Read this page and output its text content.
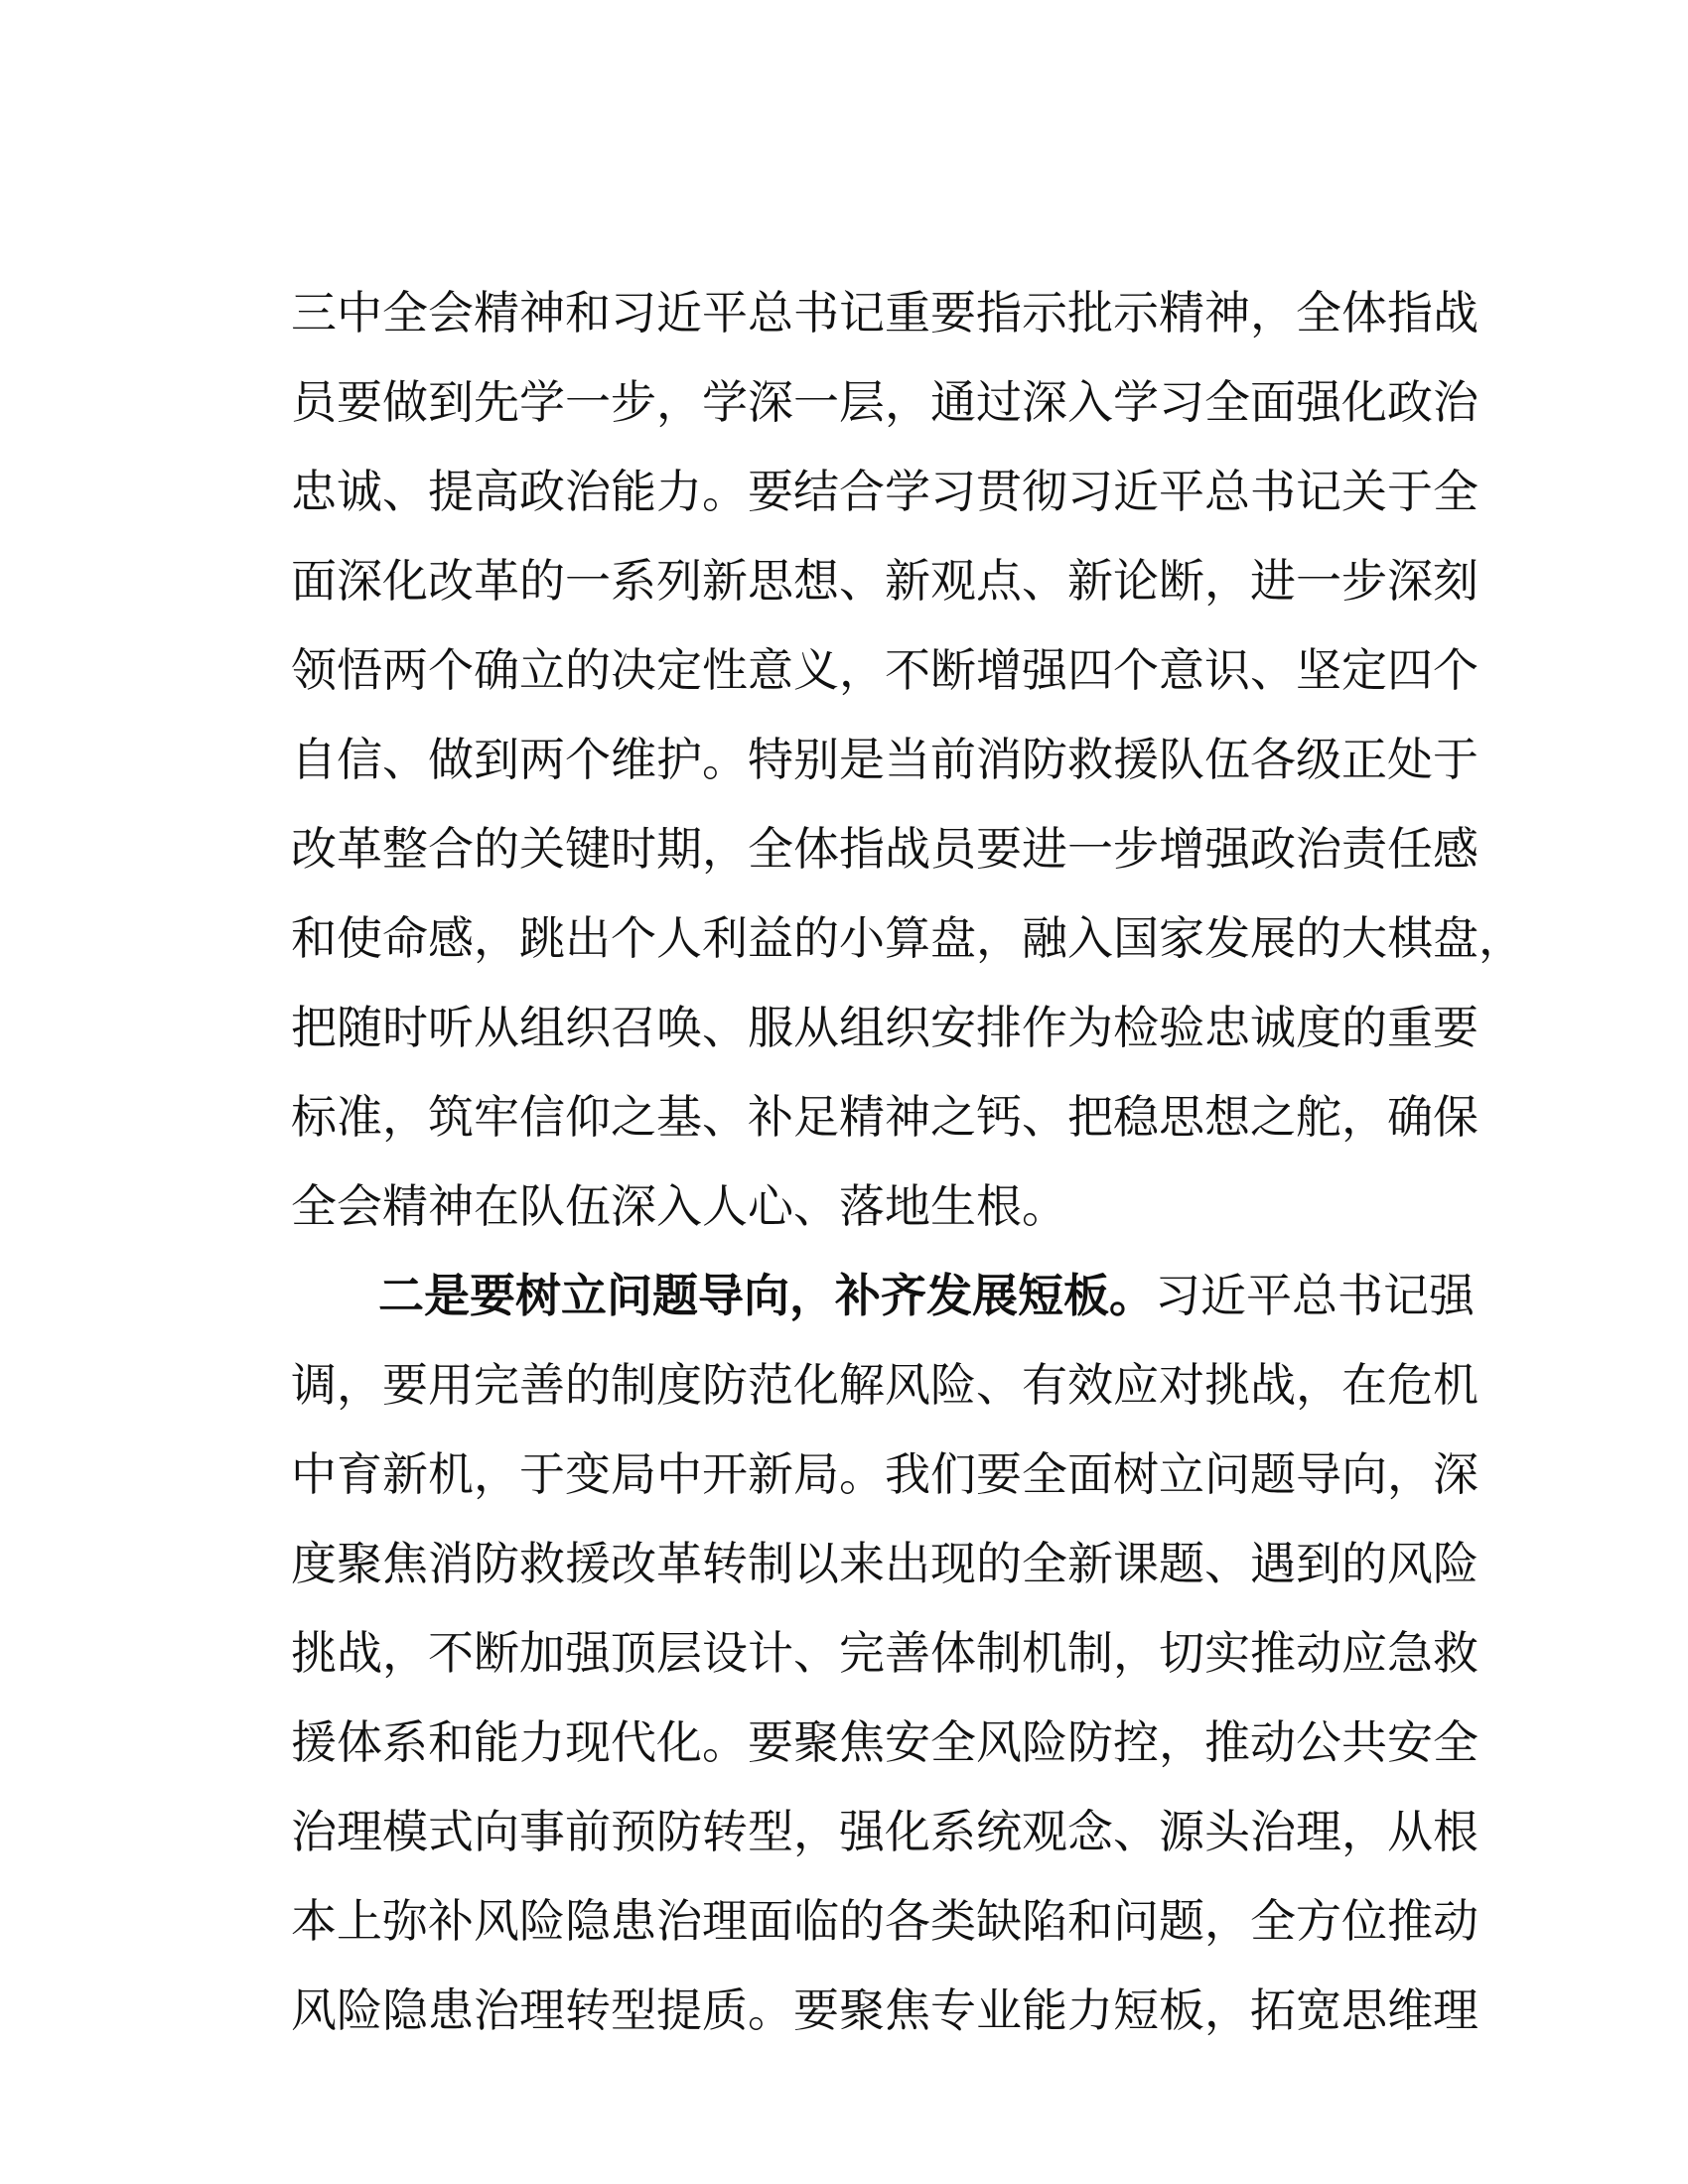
三中全会精神和习近平总书记重要指示批示精神，全体指战
员要做到先学一步，学深一层，通过深入学习全面强化政治
忠诚、提高政治能力。要结合学习贯彻习近平总书记关于全
面深化改革的一系列新思想、新观点、新论断，进一步深刻
领悟两个确立的决定性意义，不断增强四个意识、坚定四个
自信、做到两个维护。特别是当前消防救援队伍各级正处于
改革整合的关键时期，全体指战员要进一步增强政治责任感
和使命感，跳出个人利益的小算盘，融入国家发展的大棋盘，
把随时听从组织召唤、服从组织安排作为检验忠诚度的重要
标准，筑牢信仰之基、补足精神之钙、把稳思想之舵，确保
全会精神在队伍深入人心、落地生根。
二是要树立问题导向，补齐发展短板。习近平总书记强
调，要用完善的制度防范化解风险、有效应对挑战，在危机
中育新机，于变局中开新局。我们要全面树立问题导向，深
度聚焦消防救援改革转制以来出现的全新课题、遇到的风险
挑战，不断加强顶层设计、完善体制机制，切实推动应急救
援体系和能力现代化。要聚焦安全风险防控，推动公共安全
治理模式向事前预防转型，强化系统观念、源头治理，从根
本上弥补风险隐患治理面临的各类缺陷和问题，全方位推动
风险隐患治理转型提质。要聚焦专业能力短板，拓宽思维理
